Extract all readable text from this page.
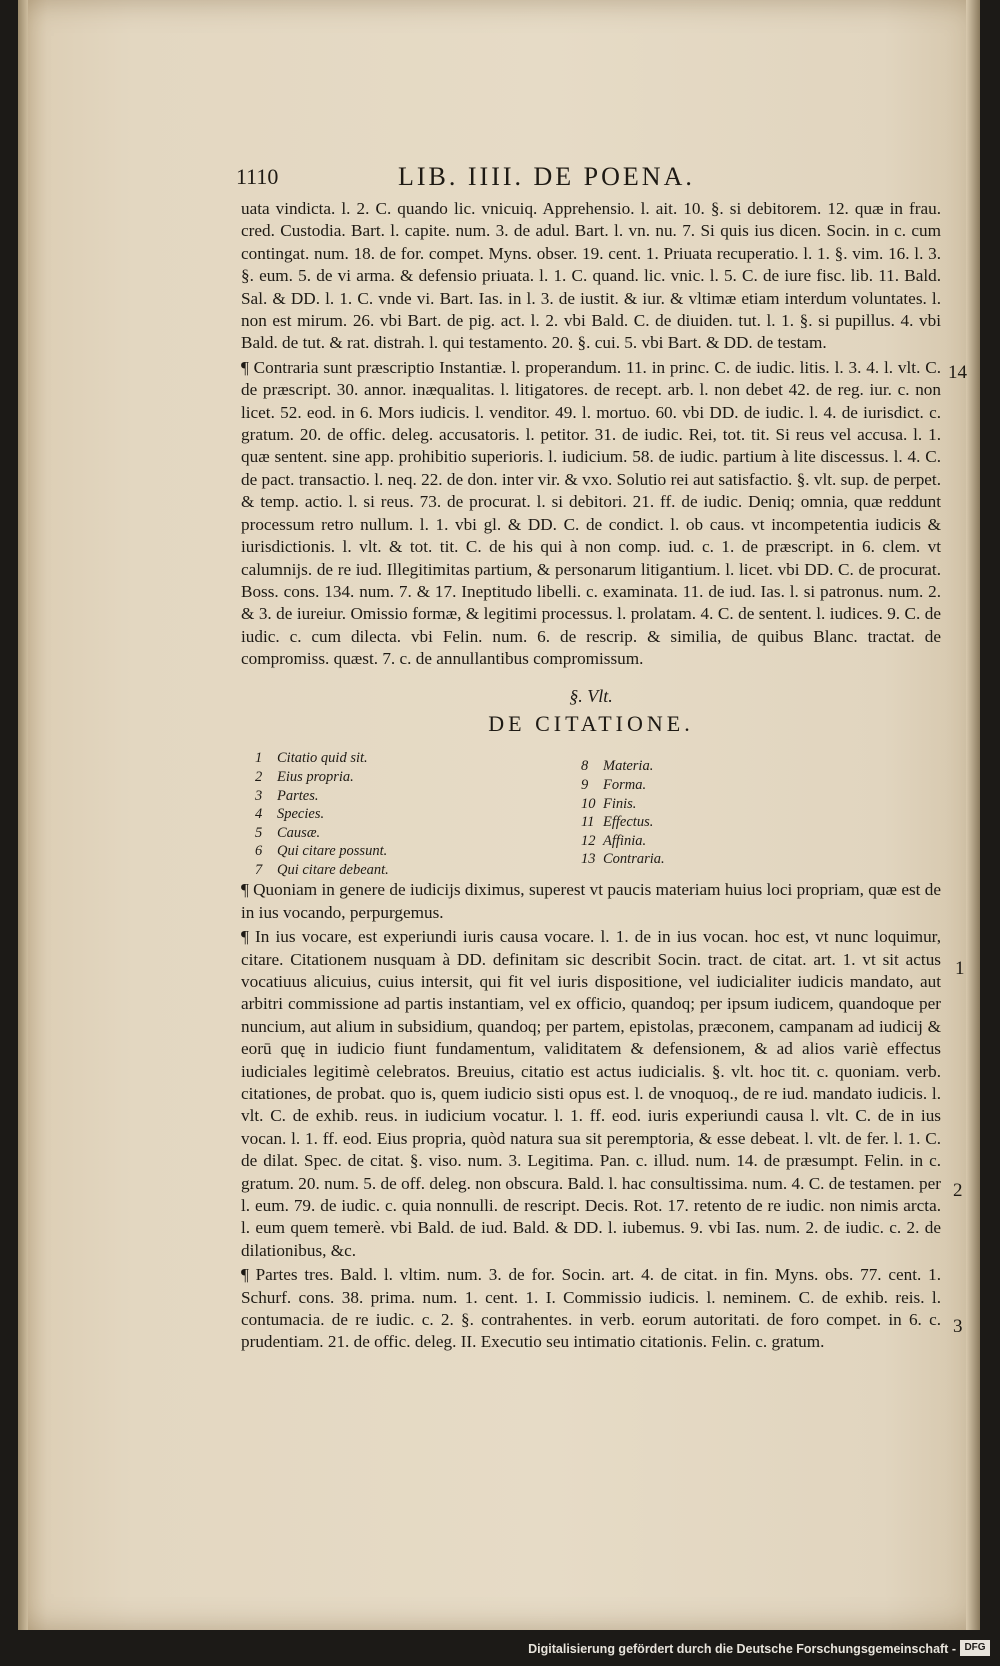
1110	LIB. IIII. DE POENA.

uata vindicta. l. 2. C. quando lic. vnicuiq. Apprehensio. l. ait. 10. §. si debitorem. 12. quæ in frau. cred. Custodia. Bart. l. capite. num. 3. de adul. Bart. l. vn. nu. 7. Si quis ius dicen. Socin. in c. cum contingat. num. 18. de for. compet. Myns. obser. 19. cent. 1. Priuata recuperatio. l. 1. §. vim. 16. l. 3. §. eum. 5. de vi arma. & defensio priuata. l. 1. C. quand. lic. vnic. l. 5. C. de iure fisc. lib. 11. Bald. Sal. & DD. l. 1. C. vnde vi. Bart. Ias. in l. 3. de iustit. & iur. & vltimæ etiam interdum voluntates. l. non est mirum. 26. vbi Bart. de pig. act. l. 2. vbi Bald. C. de diuiden. tut. l. 1. §. si pupillus. 4. vbi Bald. de tut. & rat. distrah. l. qui testamento. 20. §. cui. 5. vbi Bart. & DD. de testam.

¶ Contraria sunt præscriptio Instantiæ. l. properandum. 11. in princ. C. de iudic. litis. l. 3. 4. l. vlt. C. de præscript. 30. annor. inæqualitas. l. litigatores. de recept. arb. l. non debet 42. de reg. iur. c. non licet. 52. eod. in 6. Mors iudicis. l. venditor. 49. l. mortuo. 60. vbi DD. de iudic. l. 4. de iurisdict. c. gratum. 20. de offic. deleg. accusatoris. l. petitor. 31. de iudic. Rei, tot. tit. Si reus vel accusa. l. 1. quæ sentent. sine app. prohibitio superioris. l. iudicium. 58. de iudic. partium à lite discessus. l. 4. C. de pact. transactio. l. neq. 22. de don. inter vir. & vxo. Solutio rei aut satisfactio. §. vlt. sup. de perpet. & temp. actio. l. si reus. 73. de procurat. l. si debitori. 21. ff. de iudic. Deniq; omnia, quæ reddunt processum retro nullum. l. 1. vbi gl. & DD. C. de condict. l. ob caus. vt incompetentia iudicis & iurisdictionis. l. vlt. & tot. tit. C. de his qui à non comp. iud. c. 1. de præscript. in 6. clem. vt calumnijs. de re iud. Illegitimitas partium, & personarum litigantium. l. licet. vbi DD. C. de procurat. Boss. cons. 134. num. 7. & 17. Ineptitudo libelli. c. examinata. 11. de iud. Ias. l. si patronus. num. 2. & 3. de iureiur. Omissio formæ, & legitimi processus. l. prolatam. 4. C. de sentent. l. iudices. 9. C. de iudic. c. cum dilecta. vbi Felin. num. 6. de rescrip. & similia, de quibus Blanc. tractat. de compromiss. quæst. 7. c. de annullantibus compromissum.

§. Vlt.
DE CITATIONE.
1 Citatio quid sit.
2 Eius propria.
3 Partes.
4 Species.
5 Causæ.
6 Qui citare possunt.
7 Qui citare debeant.
8 Materia.
9 Forma.
10 Finis.
11 Effectus.
12 Affinia.
13 Contraria.

¶ Quoniam in genere de iudicijs diximus, superest vt paucis materiam huius loci propriam, quæ est de in ius vocando, perpurgemus.

¶ In ius vocare, est experiundi iuris causa vocare. l. 1. de in ius vocan. hoc est, vt nunc loquimur, citare. Citationem nusquam à DD. definitam sic describit Socin. tract. de citat. art. 1. vt sit actus vocatiuus alicuius, cuius intersit, qui fit vel iuris dispositione, vel iudicialiter iudicis mandato, aut arbitri commissione ad partis instantiam, vel ex officio, quandoq; per ipsum iudicem, quandoque per nuncium, aut alium in subsidium, quandoq; per partem, epistolas, præconem, campanam ad iudicij & eorū quę in iudicio fiunt fundamentum, validitatem & defensionem, & ad alios variè effectus iudiciales legitimè celebratos. Breuius, citatio est actus iudicialis. §. vlt. hoc tit. c. quoniam. verb. citationes, de probat. quo is, quem iudicio sisti opus est. l. de vnoquoq., de re iud. mandato iudicis. l. vlt. C. de exhib. reus. in iudicium vocatur. l. 1. ff. eod. iuris experiundi causa l. vlt. C. de in ius vocan. l. 1. ff. eod. Eius propria, quòd natura sua sit peremptoria, & esse debeat. l. vlt. de fer. l. 1. C. de dilat. Spec. de citat. §. viso. num. 3. Legitima. Pan. c. illud. num. 14. de præsumpt. Felin. in c. gratum. 20. num. 5. de off. deleg. non obscura. Bald. l. hac consultissima. num. 4. C. de testamen. per l. eum. 79. de iudic. c. quia nonnulli. de rescript. Decis. Rot. 17. retento de re iudic. non nimis arcta. l. eum quem temerè. vbi Bald. de iud. Bald. & DD. l. iubemus. 9. vbi Ias. num. 2. de iudic. c. 2. de dilationibus, &c.

¶ Partes tres. Bald. l. vltim. num. 3. de for. Socin. art. 4. de citat. in fin. Myns. obs. 77. cent. 1. Schurf. cons. 38. prima. num. 1. cent. 1. I. Commissio iudicis. l. neminem. C. de exhib. reis. l. contumacia. de re iudic. c. 2. §. contrahentes. in verb. eorum autoritati. de foro compet. in 6. c. prudentiam. 21. de offic. deleg. II. Executio seu intimatio citationis. Felin. c. gratum.

14
1
2
3
Digitalisierung gefördert durch die Deutsche Forschungsgemeinschaft - DFG
